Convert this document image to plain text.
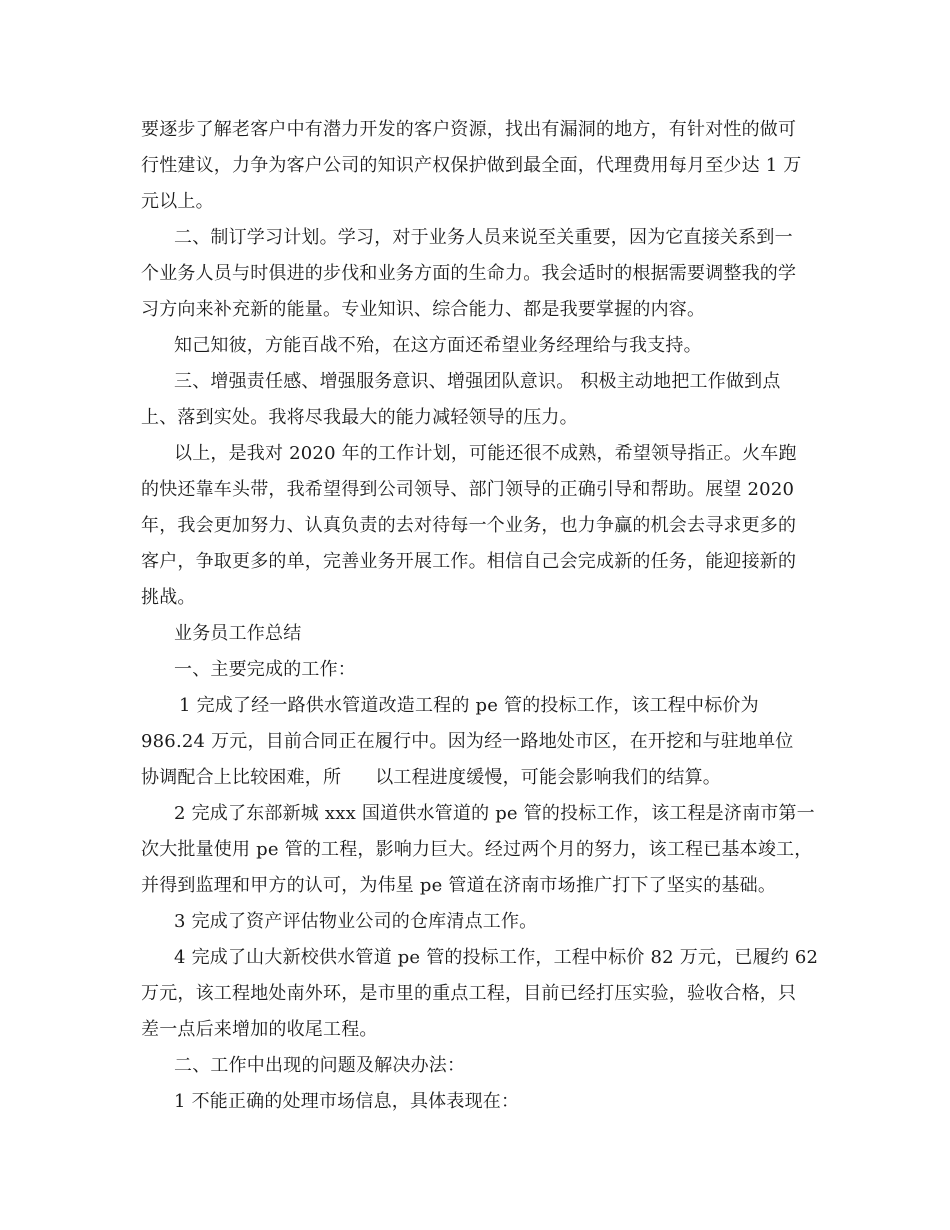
要逐步了解老客户中有潜力开发的客户资源，找出有漏洞的地方，有针对性的做可
行性建议，力争为客户公司的知识产权保护做到最全面，代理费用每月至少达 1 万
元以上。
二、制订学习计划。学习，对于业务人员来说至关重要，因为它直接关系到一
个业务人员与时俱进的步伐和业务方面的生命力。我会适时的根据需要调整我的学
习方向来补充新的能量。专业知识、综合能力、都是我要掌握的内容。
知己知彼，方能百战不殆，在这方面还希望业务经理给与我支持。
三、增强责任感、增强服务意识、增强团队意识。 积极主动地把工作做到点
上、落到实处。我将尽我最大的能力减轻领导的压力。
以上，是我对 2020 年的工作计划，可能还很不成熟，希望领导指正。火车跑
的快还靠车头带，我希望得到公司领导、部门领导的正确引导和帮助。展望 2020
年，我会更加努力、认真负责的去对待每一个业务，也力争赢的机会去寻求更多的
客户，争取更多的单，完善业务开展工作。相信自己会完成新的任务，能迎接新的
挑战。
业务员工作总结
一、主要完成的工作：
1 完成了经一路供水管道改造工程的 pe 管的投标工作，该工程中标价为
986.24 万元，目前合同正在履行中。因为经一路地处市区，在开挖和与驻地单位
协调配合上比较困难，所 以工程进度缓慢，可能会影响我们的结算。
2 完成了东部新城 xxx 国道供水管道的 pe 管的投标工作，该工程是济南市第一
次大批量使用 pe 管的工程，影响力巨大。经过两个月的努力，该工程已基本竣工，
并得到监理和甲方的认可，为伟星 pe 管道在济南市场推广打下了坚实的基础。
3 完成了资产评估物业公司的仓库清点工作。
4 完成了山大新校供水管道 pe 管的投标工作，工程中标价 82 万元，已履约 62
万元，该工程地处南外环，是市里的重点工程，目前已经打压实验，验收合格，只
差一点后来增加的收尾工程。
二、工作中出现的问题及解决办法：
1 不能正确的处理市场信息，具体表现在：
